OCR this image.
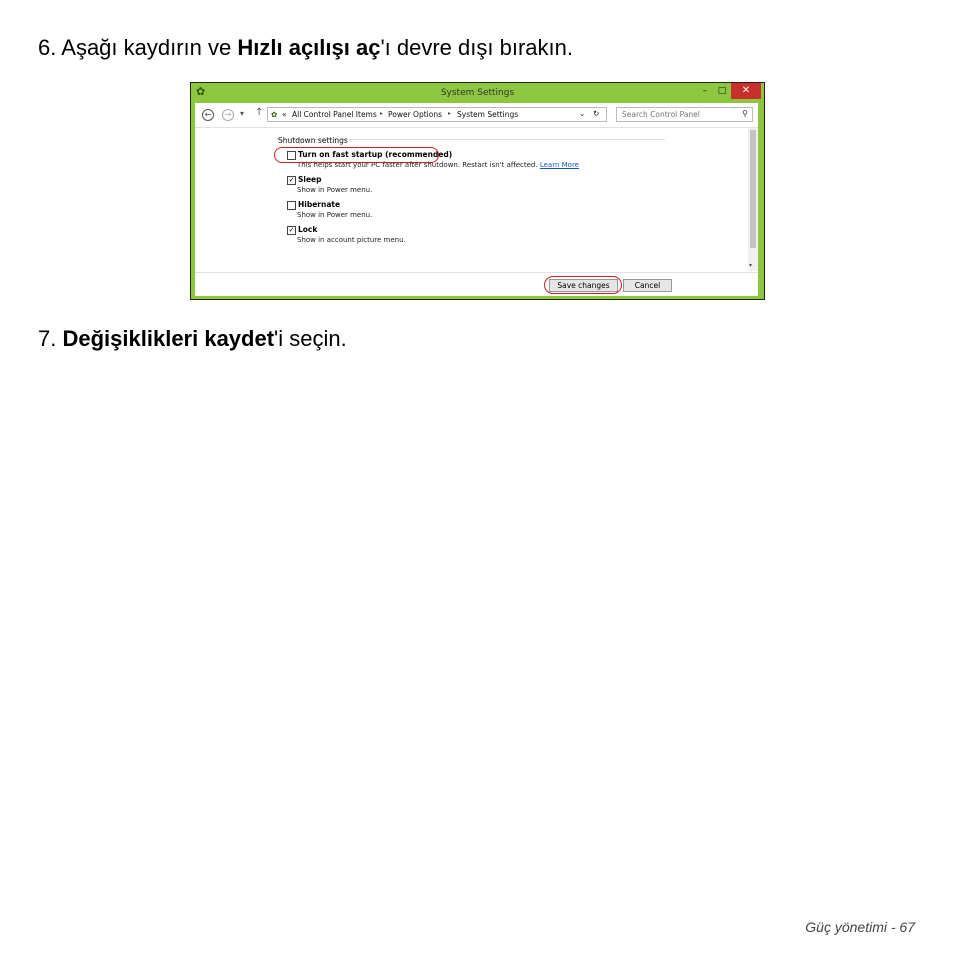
6. Aşağı kaydırın ve Hızlı açılışı aç'ı devre dışı bırakın.
✿	System Settings	–	□	✕
←	→	▾ ↑ ✿ « All Control Panel Items ▸ Power Options ▸ System Settings	⌄ ↻	Search Control Panel	⚲
Shutdown settings
Turn on fast startup (recommended)
This helps start your PC faster after shutdown. Restart isn't affected. Learn More
✓ Sleep
Show in Power menu.
Hibernate
Show in Power menu.
✓ Lock
Show in account picture menu.
▾
Save changes	Cancel
7. Değişiklikleri kaydet'i seçin.
Güç yönetimi - 67
